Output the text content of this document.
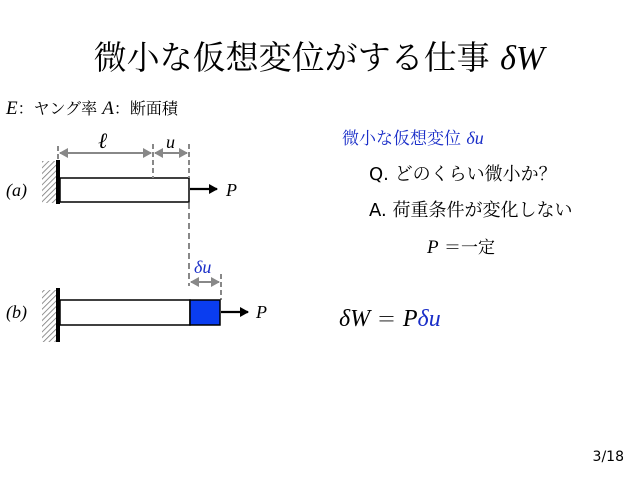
微小な仮想変位がする仕事 δW
E：ヤング率 A：断面積
微小な仮想変位 δu
Q. どのくらい微小か？
A. 荷重条件が変化しない
P ＝一定
δW ＝ Pδu
3/18
(a)
(b)
ℓ	u
δu
P
P
